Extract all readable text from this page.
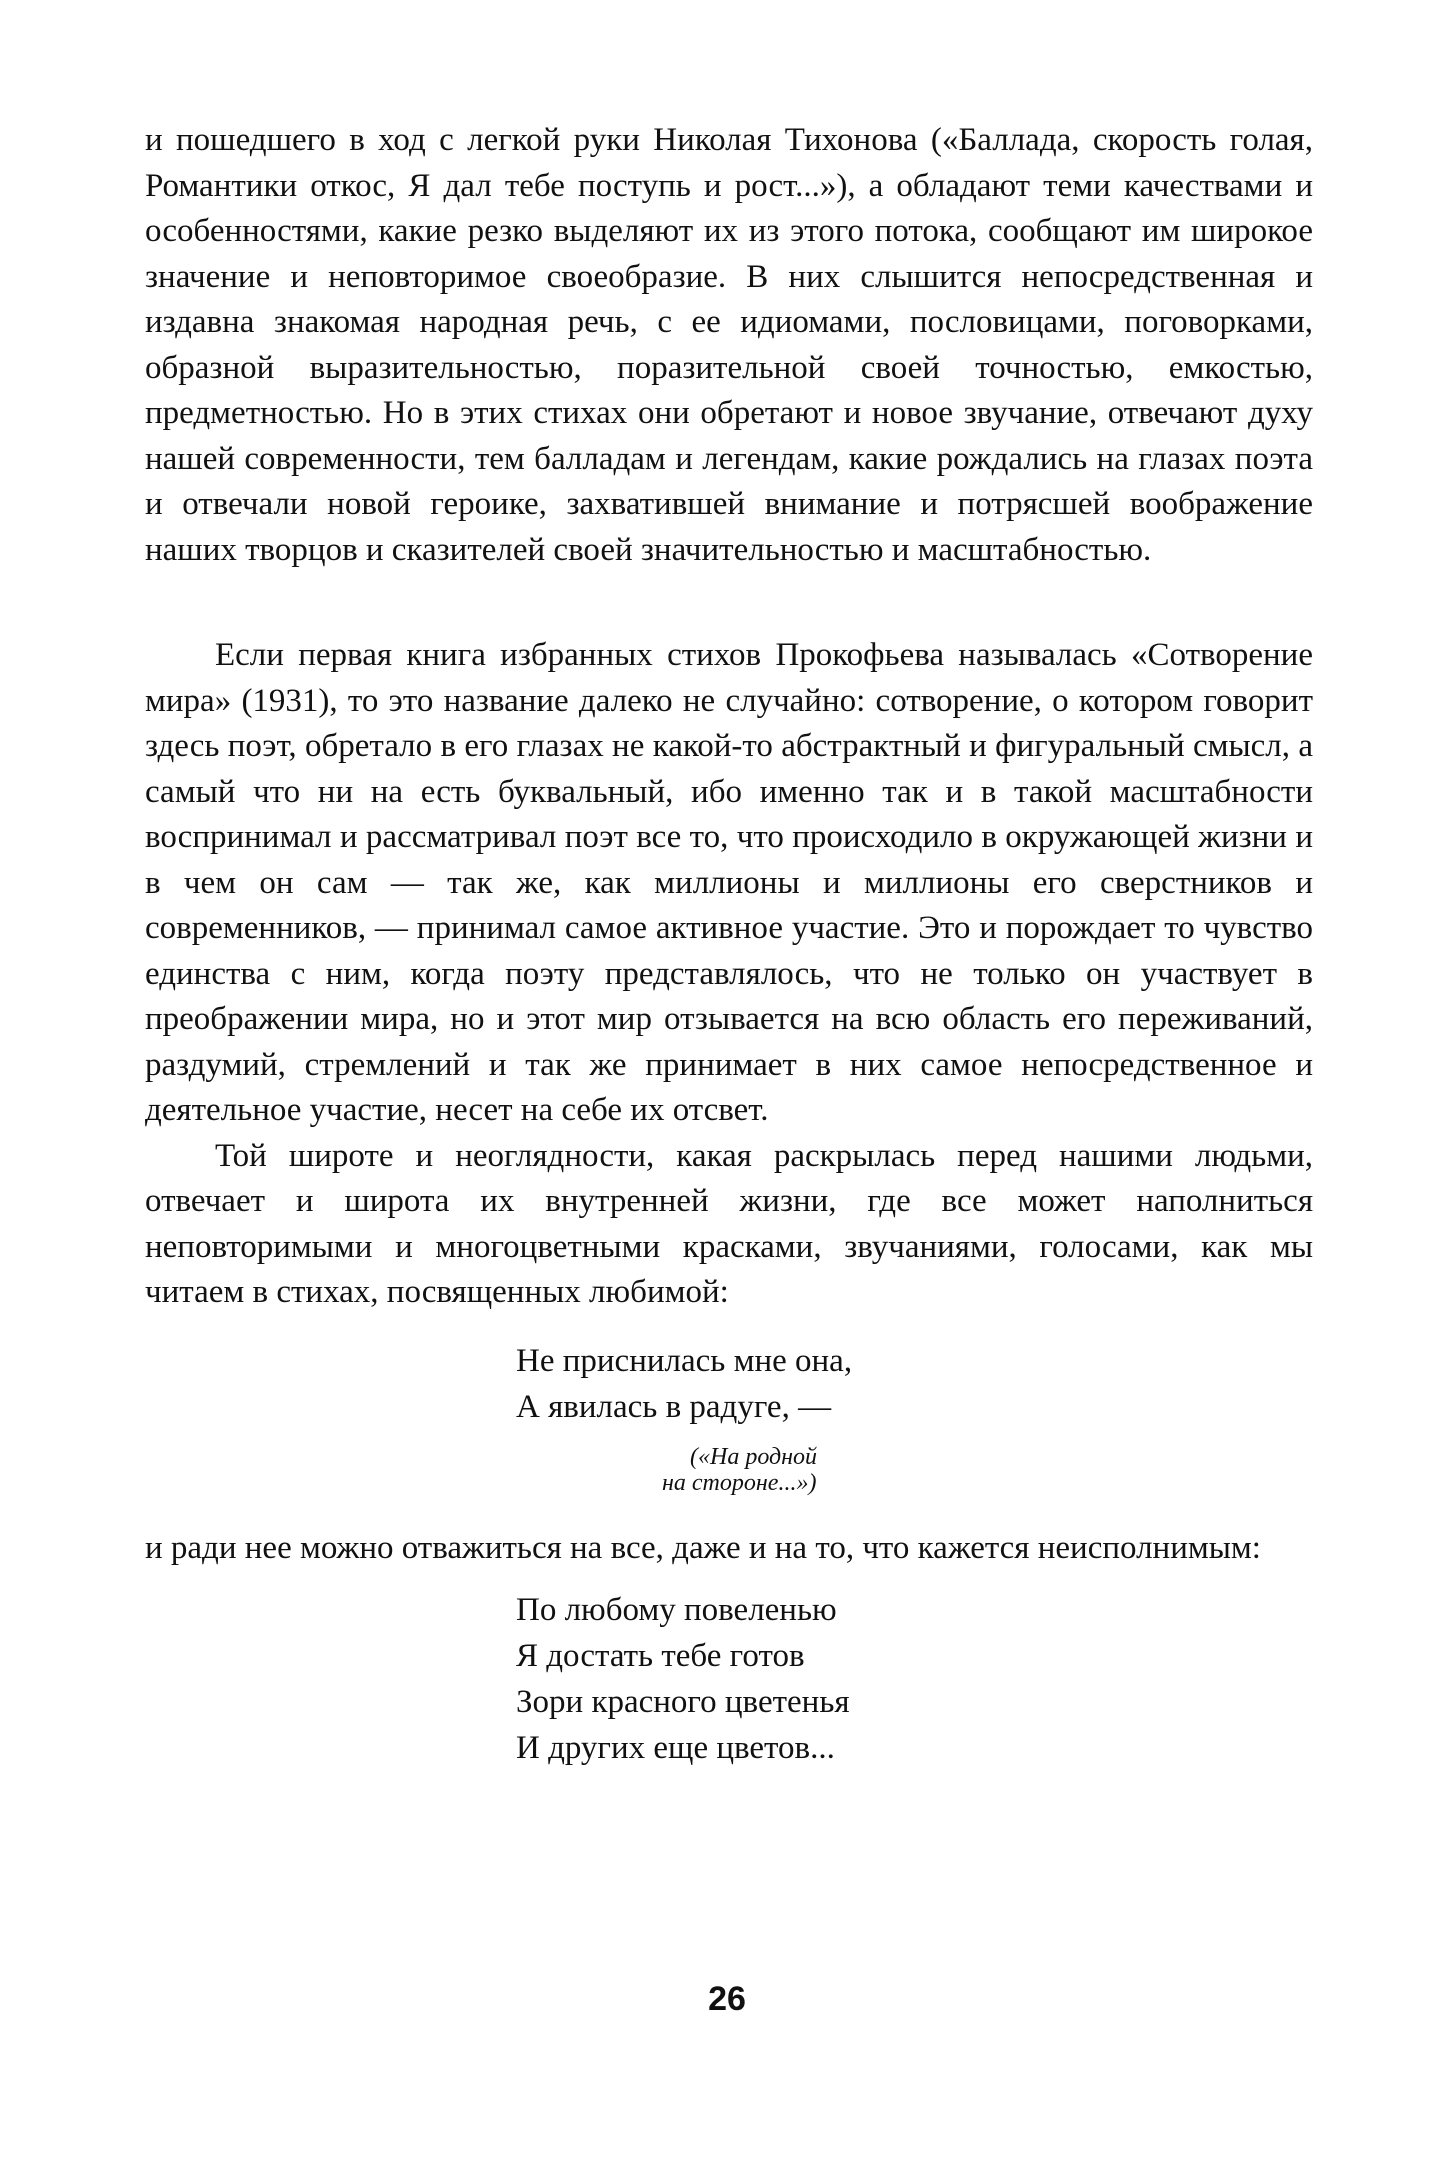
и пошедшего в ход с легкой руки Николая Тихонова («Баллада, скорость голая, Романтики откос, Я дал тебе поступь и рост...»), а обладают теми качествами и особенностями, какие резко выделяют их из этого потока, сообщают им широкое значение и неповторимое своеобразие. В них слышится непосредственная и издавна знакомая народная речь, с ее идиомами, пословицами, поговорками, образной выразительностью, поразительной своей точностью, емкостью, предметностью. Но в этих стихах они обретают и новое звучание, отвечают духу нашей современности, тем балладам и легендам, какие рождались на глазах поэта и отвечали новой героике, захватившей внимание и потрясшей воображение наших творцов и сказителей своей значительностью и масштабностью.

Если первая книга избранных стихов Прокофьева называлась «Сотворение мира» (1931), то это название далеко не случайно: сотворение, о котором говорит здесь поэт, обретало в его глазах не какой-то абстрактный и фигуральный смысл, а самый что ни на есть буквальный, ибо именно так и в такой масштабности воспринимал и рассматривал поэт все то, что происходило в окружающей жизни и в чем он сам — так же, как миллионы и миллионы его сверстников и современников, — принимал самое активное участие. Это и порождает то чувство единства с ним, когда поэту представлялось, что не только он участвует в преображении мира, но и этот мир отзывается на всю область его переживаний, раздумий, стремлений и так же принимает в них самое непосредственное и деятельное участие, несет на себе их отсвет.

Той широте и неоглядности, какая раскрылась перед нашими людьми, отвечает и широта их внутренней жизни, где все может наполниться неповторимыми и многоцветными красками, звучаниями, голосами, как мы читаем в стихах, посвященных любимой:

Не приснилась мне она,
А явилась в радуге, —
(«На родной
на стороне...»)

и ради нее можно отважиться на все, даже и на то, что кажется неисполнимым:

По любому повеленью
Я достать тебе готов
Зори красного цветенья
И других еще цветов...
26
